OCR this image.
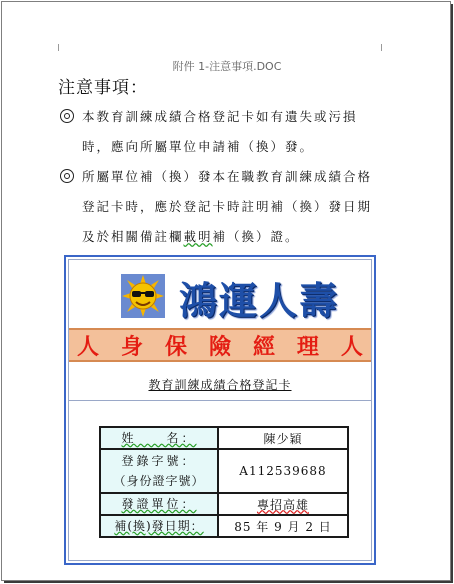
附件 1-注意事項.DOC
注意事項：
本教育訓練成績合格登記卡如有遺失或污損
時，應向所屬單位申請補（換）發。
所屬單位補（換）發本在職教育訓練成績合格
登記卡時，應於登記卡時註明補（換）發日期
及於相關備註欄載明補（換）證。
鴻運人壽
人 身 保 險 經 理 人
教育訓練成績合格登記卡
姓　　名：	陳少穎

登錄字號：
（身份證字號）	A112539688
發證單位：	專招高雄
補(換)發日期：	85 年 9 月 2 日
